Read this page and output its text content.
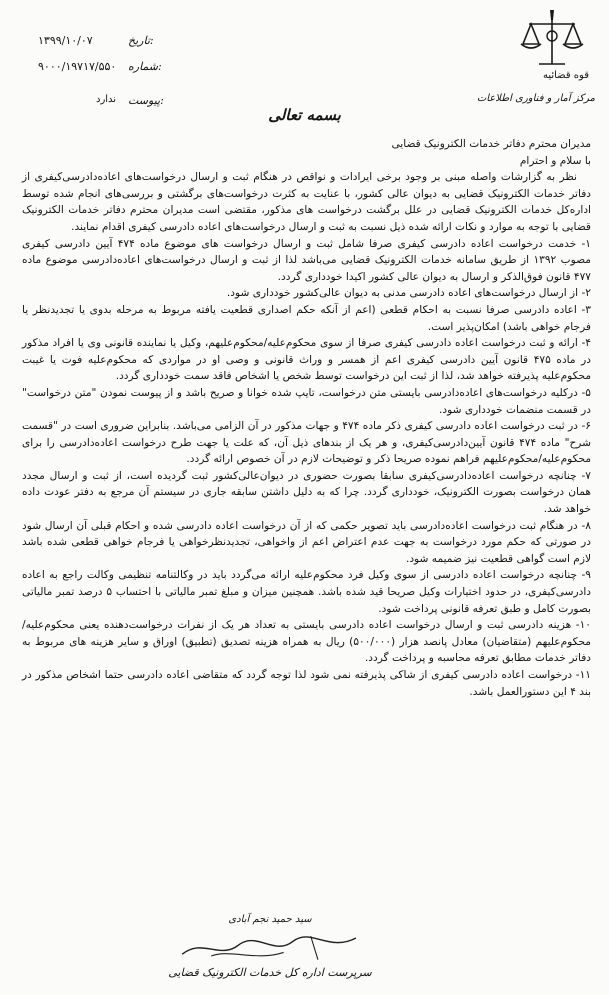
قوه قضائیه
مرکز آمار و فناوری اطلاعات
تاریخ:
۱۳۹۹/۱۰/۰۷
شماره:
۹۰۰۰/۱۹۷۱۷/۵۵۰
پیوست:
ندارد
بسمه تعالی

مدیران محترم دفاتر خدمات الکترونیک قضایی

با سلام و احترام

نظر به گزارشات واصله مبنی بر وجود برخی ایرادات و نواقص در هنگام ثبت و ارسال درخواست‌های اعاده‌دادرسی‌کیفری از دفاتر خدمات الکترونیک قضایی به دیوان عالی کشور، با عنایت به کثرت درخواست‌های برگشتی و بررسی‌های انجام شده توسط اداره‌کل خدمات الکترونیک قضایی در علل برگشت درخواست های مذکور، مقتضی است مدیران محترم دفاتر خدمات الکترونیک قضایی با توجه به موارد و نکات ارائه شده ذیل نسبت به ثبت و ارسال درخواست‌های اعاده دادرسی کیفری اقدام نمایند.

۱- خدمت درخواست اعاده دادرسی کیفری صرفا شامل ثبت و ارسال درخواست های موضوع ماده ۴۷۴ آیین دادرسی کیفری مصوب ۱۳۹۲ از طریق سامانه خدمات الکترونیک قضایی می‌باشد لذا از ثبت و ارسال درخواست‌های اعاده‌دادرسی موضوع ماده ۴۷۷ قانون فوق‌الذکر و ارسال به دیوان عالی کشور اکیدا خودداری گردد.

۲- از ارسال درخواست‌های اعاده دادرسی مدنی به دیوان عالی‌کشور خودداری شود.

۳- اعاده دادرسی صرفا نسبت به احکام قطعی (اعم از آنکه حکم اصداری قطعیت یافته مربوط به مرحله بدوی یا تجدیدنظر یا فرجام خواهی باشد) امکان‌پذیر است.

۴- ارائه و ثبت درخواست اعاده دادرسی کیفری صرفا از سوی محکوم‌علیه/محکوم‌علیهم، وکیل یا نماینده قانونی وی یا افراد مذکور در ماده ۴۷۵ قانون آیین دادرسی کیفری اعم از همسر و وراث قانونی و وصی او در مواردی که محکوم‌علیه فوت یا غیبت محکوم‌علیه پذیرفته خواهد شد، لذا از ثبت این درخواست توسط شخص یا اشخاص فاقد سمت خودداری گردد.

۵- درکلیه درخواست‌های اعاده‌دادرسی بایستی متن درخواست، تایپ شده خوانا و صریح باشد و از پیوست نمودن "متن درخواست" در قسمت منضمات خودداری شود.

۶- در ثبت درخواست اعاده دادرسی کیفری ذکر ماده ۴۷۴ و جهات مذکور در آن الزامی می‌باشد. بنابراین ضروری است در "قسمت شرح" ماده ۴۷۴ قانون آیین‌دادرسی‌کیفری، و هر یک از بندهای ذیل آن، که علت یا جهت طرح درخواست اعاده‌دادرسی را برای محکوم‌علیه/محکوم‌علیهم فراهم نموده صریحا ذکر و توضیحات لازم در آن خصوص ارائه گردد.

۷- چنانچه درخواست اعاده‌دادرسی‌کیفری سابقا بصورت حضوری در دیوان‌عالی‌کشور ثبت گردیده است، از ثبت و ارسال مجدد همان درخواست بصورت الکترونیک، خودداری گردد. چرا که به دلیل داشتن سابقه جاری در سیستم آن مرجع به دفتر عودت داده خواهد شد.

۸- در هنگام ثبت درخواست اعاده‌دادرسی باید تصویر حکمی که از آن درخواست اعاده دادرسی شده و احکام قبلی آن ارسال شود در صورتی که حکم مورد درخواست به جهت عدم اعتراض اعم از واخواهی، تجدیدنظرخواهی یا فرجام خواهی قطعی شده باشد لازم است گواهی قطعیت نیز ضمیمه شود.

۹- چنانچه درخواست اعاده دادرسی از سوی وکیل فرد محکوم‌علیه ارائه می‌گردد باید در وکالتنامه تنظیمی وکالت راجع به اعاده دادرسی‌کیفری، در حدود اختیارات وکیل صریحا قید شده باشد. همچنین میزان و مبلغ تمبر مالیاتی با احتساب ۵ درصد تمبر مالیاتی بصورت کامل و طبق تعرفه قانونی پرداخت شود.

۱۰- هزینه دادرسی ثبت و ارسال درخواست اعاده دادرسی بایستی به تعداد هر یک از نفرات درخواست‌دهنده یعنی محکوم‌علیه/محکوم‌علیهم (متقاضیان) معادل پانصد هزار (۵۰۰/۰۰۰) ریال به همراه هزینه تصدیق (تطبیق) اوراق و سایر هزینه های مربوط به دفاتر خدمات مطابق تعرفه محاسبه و پرداخت گردد.

۱۱- درخواست اعاده دادرسی کیفری از شاکی پذیرفته نمی شود لذا توجه گردد که متقاضی اعاده دادرسی حتما اشخاص مذکور در بند ۴ این دستورالعمل باشد.

سید حمید نجم آبادی
سرپرست اداره کل خدمات الکترونیک قضایی
